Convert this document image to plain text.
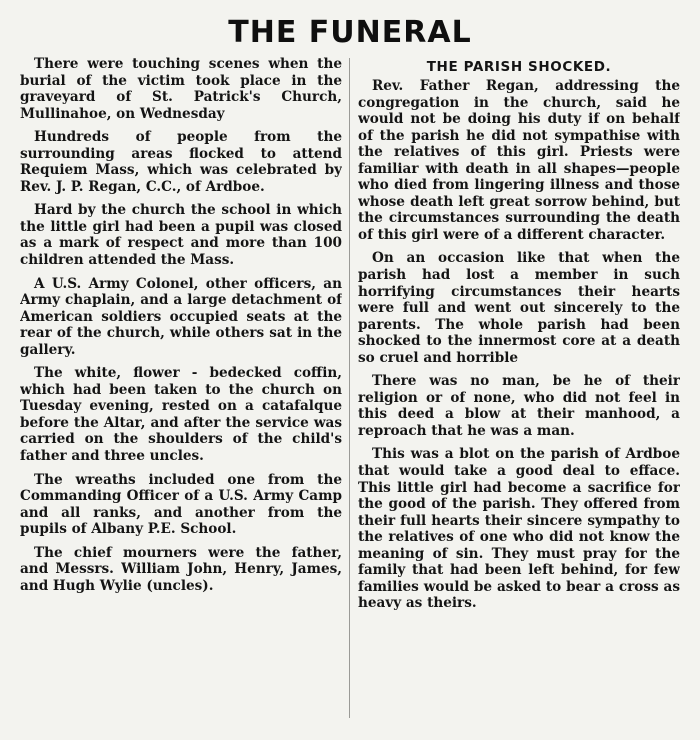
THE FUNERAL

There were touching scenes when the burial of the victim took place in the graveyard of St. Patrick's Church, Mullinahoe, on Wednesday

Hundreds of people from the surrounding areas flocked to attend Requiem Mass, which was celebrated by Rev. J. P. Regan, C.C., of Ardboe.

Hard by the church the school in which the little girl had been a pupil was closed as a mark of respect and more than 100 children attended the Mass.

A U.S. Army Colonel, other officers, an Army chaplain, and a large detachment of American soldiers occupied seats at the rear of the church, while others sat in the gallery.

The white, flower - bedecked coffin, which had been taken to the church on Tuesday evening, rested on a catafalque before the Altar, and after the service was carried on the shoulders of the child's father and three uncles.

The wreaths included one from the Commanding Officer of a U.S. Army Camp and all ranks, and another from the pupils of Albany P.E. School.

The chief mourners were the father, and Messrs. William John, Henry, James, and Hugh Wylie (uncles).

THE PARISH SHOCKED.

Rev. Father Regan, addressing the congregation in the church, said he would not be doing his duty if on behalf of the parish he did not sympathise with the relatives of this girl. Priests were familiar with death in all shapes—people who died from lingering illness and those whose death left great sorrow behind, but the circumstances surrounding the death of this girl were of a different character.

On an occasion like that when the parish had lost a member in such horrifying circumstances their hearts were full and went out sincerely to the parents. The whole parish had been shocked to the innermost core at a death so cruel and horrible

There was no man, be he of their religion or of none, who did not feel in this deed a blow at their manhood, a reproach that he was a man.

This was a blot on the parish of Ardboe that would take a good deal to efface. This little girl had become a sacrifice for the good of the parish. They offered from their full hearts their sincere sympathy to the relatives of one who did not know the meaning of sin. They must pray for the family that had been left behind, for few families would be asked to bear a cross as heavy as theirs.
